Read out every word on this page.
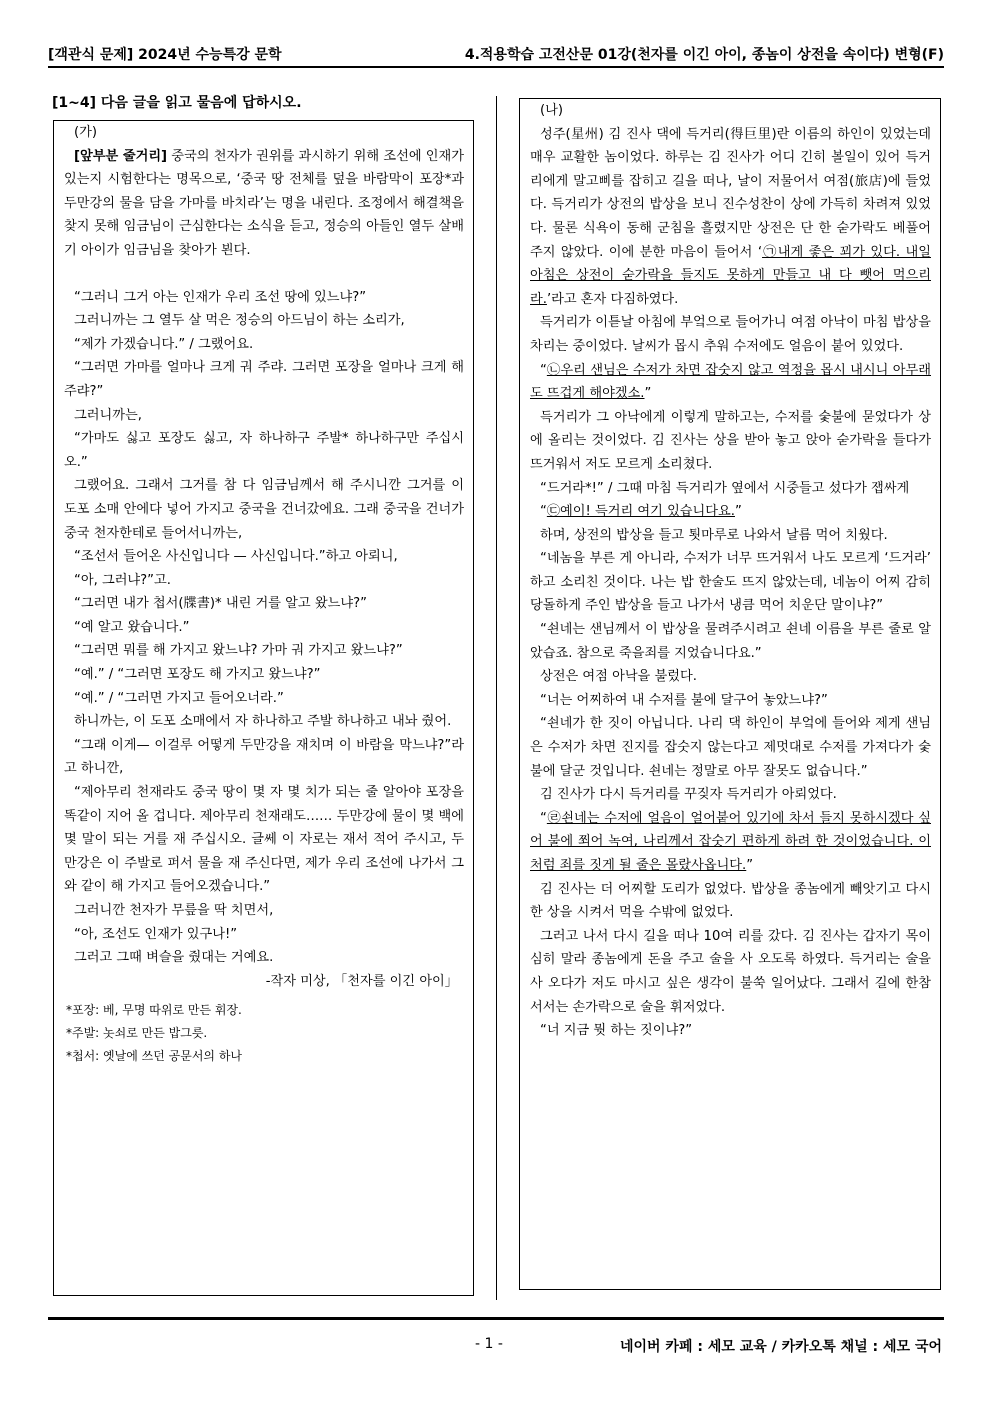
[객관식 문제] 2024년 수능특강 문학	4.적용학습 고전산문 01강(천자를 이긴 아이, 종놈이 상전을 속이다) 변형(F)
[1~4] 다음 글을 읽고 물음에 답하시오.
(가)

[앞부분 줄거리] 중국의 천자가 권위를 과시하기 위해 조선에 인재가 있는지 시험한다는 명목으로, ‘중국 땅 전체를 덮을 바람막이 포장*과 두만강의 물을 담을 가마를 바치라’는 명을 내린다. 조정에서 해결책을 찾지 못해 임금님이 근심한다는 소식을 듣고, 정승의 아들인 열두 살배기 아이가 임금님을 찾아가 뵌다.

“그러니 그거 아는 인재가 우리 조선 땅에 있느냐?”

그러니까는 그 열두 살 먹은 정승의 아드님이 하는 소리가,

“제가 가겠습니다.” / 그랬어요.

“그러면 가마를 얼마나 크게 궈 주랴. 그러면 포장을 얼마나 크게 해 주랴?”

그러니까는,

“가마도 싫고 포장도 싫고, 자 하나하구 주발* 하나하구만 주십시오.”

그랬어요. 그래서 그거를 참 다 임금님께서 해 주시니깐 그거를 이 도포 소매 안에다 넣어 가지고 중국을 건너갔에요. 그래 중국을 건너가 중국 천자한테로 들어서니까는,

“조선서 들어온 사신입니다 — 사신입니다.”하고 아뢰니,

“아, 그러냐?”고.

“그러면 내가 첩서(牒書)* 내린 거를 알고 왔느냐?”

“예 알고 왔습니다.”

“그러면 뭐를 해 가지고 왔느냐? 가마 궈 가지고 왔느냐?”

“예.” / “그러면 포장도 해 가지고 왔느냐?”

“예.” / “그러면 가지고 들어오너라.”

하니까는, 이 도포 소매에서 자 하나하고 주발 하나하고 내놔 줬어.

“그래 이게— 이걸루 어떻게 두만강을 재치며 이 바람을 막느냐?”라고 하니깐,

“제아무리 천재라도 중국 땅이 몇 자 몇 치가 되는 줄 알아야 포장을 똑같이 지어 올 겁니다. 제아무리 천재래도…… 두만강에 물이 몇 백에 몇 말이 되는 거를 재 주십시오. 글쎄 이 자로는 재서 적어 주시고, 두만강은 이 주발로 퍼서 물을 재 주신다면, 제가 우리 조선에 나가서 그와 같이 해 가지고 들어오겠습니다.”

그러니깐 천자가 무릎을 딱 치면서,

“아, 조선도 인재가 있구나!”

그러고 그때 벼슬을 줬대는 거예요.

-작자 미상, 「천자를 이긴 아이」

*포장: 베, 무명 따위로 만든 휘장.
*주발: 놋쇠로 만든 밥그릇.
*첩서: 옛날에 쓰던 공문서의 하나
(나)

성주(星州) 김 진사 댁에 득거리(得巨里)란 이름의 하인이 있었는데 매우 교활한 놈이었다. 하루는 김 진사가 어디 긴히 볼일이 있어 득거리에게 말고삐를 잡히고 길을 떠나, 날이 저물어서 여점(旅店)에 들었다. 득거리가 상전의 밥상을 보니 진수성찬이 상에 가득히 차려져 있었다. 물론 식욕이 동해 군침을 흘렸지만 상전은 단 한 숟가락도 베풀어 주지 않았다. 이에 분한 마음이 들어서 ‘㉠내게 좋은 꾀가 있다. 내일 아침은 상전이 숟가락을 들지도 못하게 만들고 내 다 뺏어 먹으리라.’라고 혼자 다짐하였다.

득거리가 이튿날 아침에 부엌으로 들어가니 여점 아낙이 마침 밥상을 차리는 중이었다. 날씨가 몹시 추워 수저에도 얼음이 붙어 있었다.

“㉡우리 샌님은 수저가 차면 잡숫지 않고 역정을 몹시 내시니 아무래도 뜨겁게 해야겠소.”

득거리가 그 아낙에게 이렇게 말하고는, 수저를 숯불에 묻었다가 상에 올리는 것이었다. 김 진사는 상을 받아 놓고 앉아 숟가락을 들다가 뜨거워서 저도 모르게 소리쳤다.

“드거라*!” / 그때 마침 득거리가 옆에서 시중들고 섰다가 잽싸게

“㉢예이! 득거리 여기 있습니다요.”

하며, 상전의 밥상을 들고 툇마루로 나와서 날름 먹어 치웠다.

“네놈을 부른 게 아니라, 수저가 너무 뜨거워서 나도 모르게 ‘드거라’ 하고 소리친 것이다. 나는 밥 한술도 뜨지 않았는데, 네놈이 어찌 감히 당돌하게 주인 밥상을 들고 나가서 냉큼 먹어 치운단 말이냐?”

“쇤네는 샌님께서 이 밥상을 물려주시려고 쇤네 이름을 부른 줄로 알았습죠. 참으로 죽을죄를 지었습니다요.”

상전은 여점 아낙을 불렀다.

“너는 어찌하여 내 수저를 불에 달구어 놓았느냐?”

“쇤네가 한 짓이 아닙니다. 나리 댁 하인이 부엌에 들어와 제게 샌님은 수저가 차면 진지를 잡숫지 않는다고 제멋대로 수저를 가져다가 숯불에 달군 것입니다. 쇤네는 정말로 아무 잘못도 없습니다.”

김 진사가 다시 득거리를 꾸짖자 득거리가 아뢰었다.

“㉣쇤네는 수저에 얼음이 얼어붙어 있기에 차서 들지 못하시겠다 싶어 불에 쬐어 녹여, 나리께서 잡숫기 편하게 하려 한 것이었습니다. 이처럼 죄를 짓게 될 줄은 몰랐사옵니다.”

김 진사는 더 어찌할 도리가 없었다. 밥상을 종놈에게 빼앗기고 다시 한 상을 시켜서 먹을 수밖에 없었다.

그러고 나서 다시 길을 떠나 10여 리를 갔다. 김 진사는 갑자기 목이 심히 말라 종놈에게 돈을 주고 술을 사 오도록 하였다. 득거리는 술을 사 오다가 저도 마시고 싶은 생각이 불쑥 일어났다. 그래서 길에 한참 서서는 손가락으로 술을 휘저었다.

“너 지금 뭣 하는 짓이냐?”

- 1 -	네이버 카페 : 세모 교육 / 카카오톡 채널 : 세모 국어
